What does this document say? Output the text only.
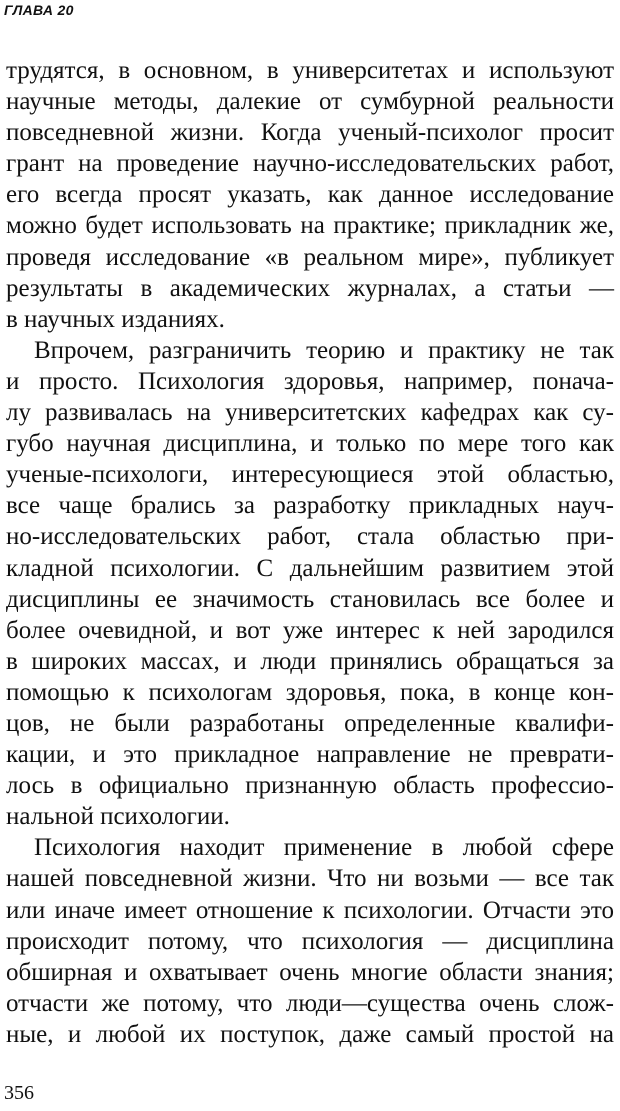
ГЛАВА 20
трудятся, в основном, в университетах и используют
научные методы, далекие от сумбурной реальности
повседневной жизни. Когда ученый-психолог просит
грант на проведение научно-исследовательских работ,
его всегда просят указать, как данное исследование
можно будет использовать на практике; прикладник же,
проведя исследование «в реальном мире», публикует
результаты в академических журналах, а статьи —
в научных изданиях.
Впрочем, разграничить теорию и практику не так
и просто. Психология здоровья, например, понача-
лу развивалась на университетских кафедрах как су-
губо научная дисциплина, и только по мере того как
ученые-психологи, интересующиеся этой областью,
все чаще брались за разработку прикладных науч-
но-исследовательских работ, стала областью при-
кладной психологии. С дальнейшим развитием этой
дисциплины ее значимость становилась все более и
более очевидной, и вот уже интерес к ней зародился
в широких массах, и люди принялись обращаться за
помощью к психологам здоровья, пока, в конце кон-
цов, не были разработаны определенные квалифи-
кации, и это прикладное направление не преврати-
лось в официально признанную область профессио-
нальной психологии.
Психология находит применение в любой сфере
нашей повседневной жизни. Что ни возьми — все так
или иначе имеет отношение к психологии. Отчасти это
происходит потому, что психология — дисциплина
обширная и охватывает очень многие области знания;
отчасти же потому, что люди—существа очень слож-
ные, и любой их поступок, даже самый простой на
356
